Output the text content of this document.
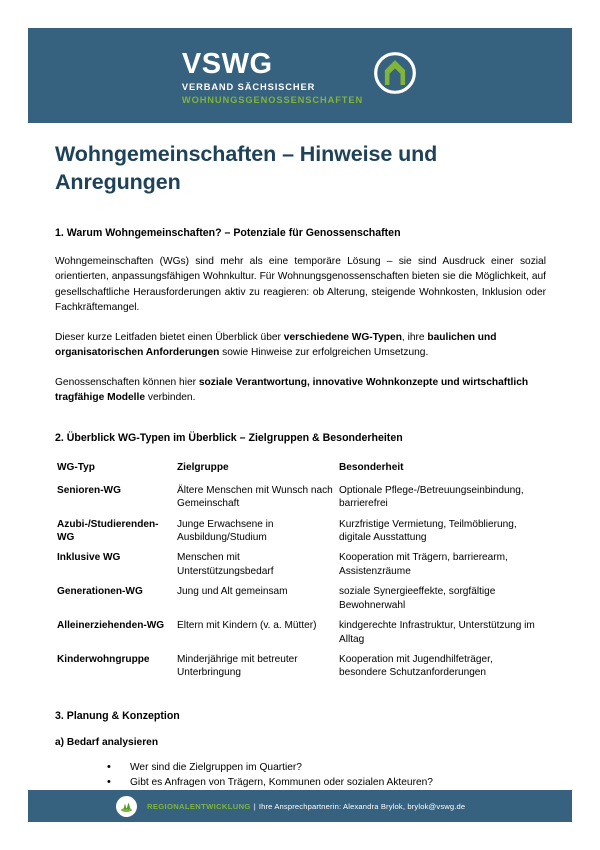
VSWG
VERBAND SÄCHSISCHER
WOHNUNGSGENOSSENSCHAFTEN
Wohngemeinschaften – Hinweise und Anregungen
1. Warum Wohngemeinschaften? – Potenziale für Genossenschaften

Wohngemeinschaften (WGs) sind mehr als eine temporäre Lösung – sie sind Ausdruck einer sozial orientierten, anpassungsfähigen Wohnkultur. Für Wohnungsgenossenschaften bieten sie die Möglichkeit, auf gesellschaftliche Herausforderungen aktiv zu reagieren: ob Alterung, steigende Wohnkosten, Inklusion oder Fachkräftemangel.

Dieser kurze Leitfaden bietet einen Überblick über verschiedene WG-Typen, ihre baulichen und organisatorischen Anforderungen sowie Hinweise zur erfolgreichen Umsetzung.

Genossenschaften können hier soziale Verantwortung, innovative Wohnkonzepte und wirtschaftlich tragfähige Modelle verbinden.

2. Überblick WG-Typen im Überblick – Zielgruppen & Besonderheiten
WG-Typ	Zielgruppe	Besonderheit
Senioren-WG	Ältere Menschen mit Wunsch nach Gemeinschaft	Optionale Pflege-/Betreuungseinbindung, barrierefrei
Azubi-/Studierenden-WG	Junge Erwachsene in Ausbildung/Studium	Kurzfristige Vermietung, Teilmöblierung, digitale Ausstattung
Inklusive WG	Menschen mit Unterstützungsbedarf	Kooperation mit Trägern, barrierearm, Assistenzräume
Generationen-WG	Jung und Alt gemeinsam	soziale Synergieeffekte, sorgfältige Bewohnerwahl
Alleinerziehenden-WG	Eltern mit Kindern (v. a. Mütter)	kindgerechte Infrastruktur, Unterstützung im Alltag
Kinderwohngruppe	Minderjährige mit betreuter Unterbringung	Kooperation mit Jugendhilfeträger, besondere Schutzanforderungen
3. Planung & Konzeption
a) Bedarf analysieren
• Wer sind die Zielgruppen im Quartier?
• Gibt es Anfragen von Trägern, Kommunen oder sozialen Akteuren?
•
REGIONALENTWICKLUNG | Ihre Ansprechpartnerin: Alexandra Brylok, brylok@vswg.de
